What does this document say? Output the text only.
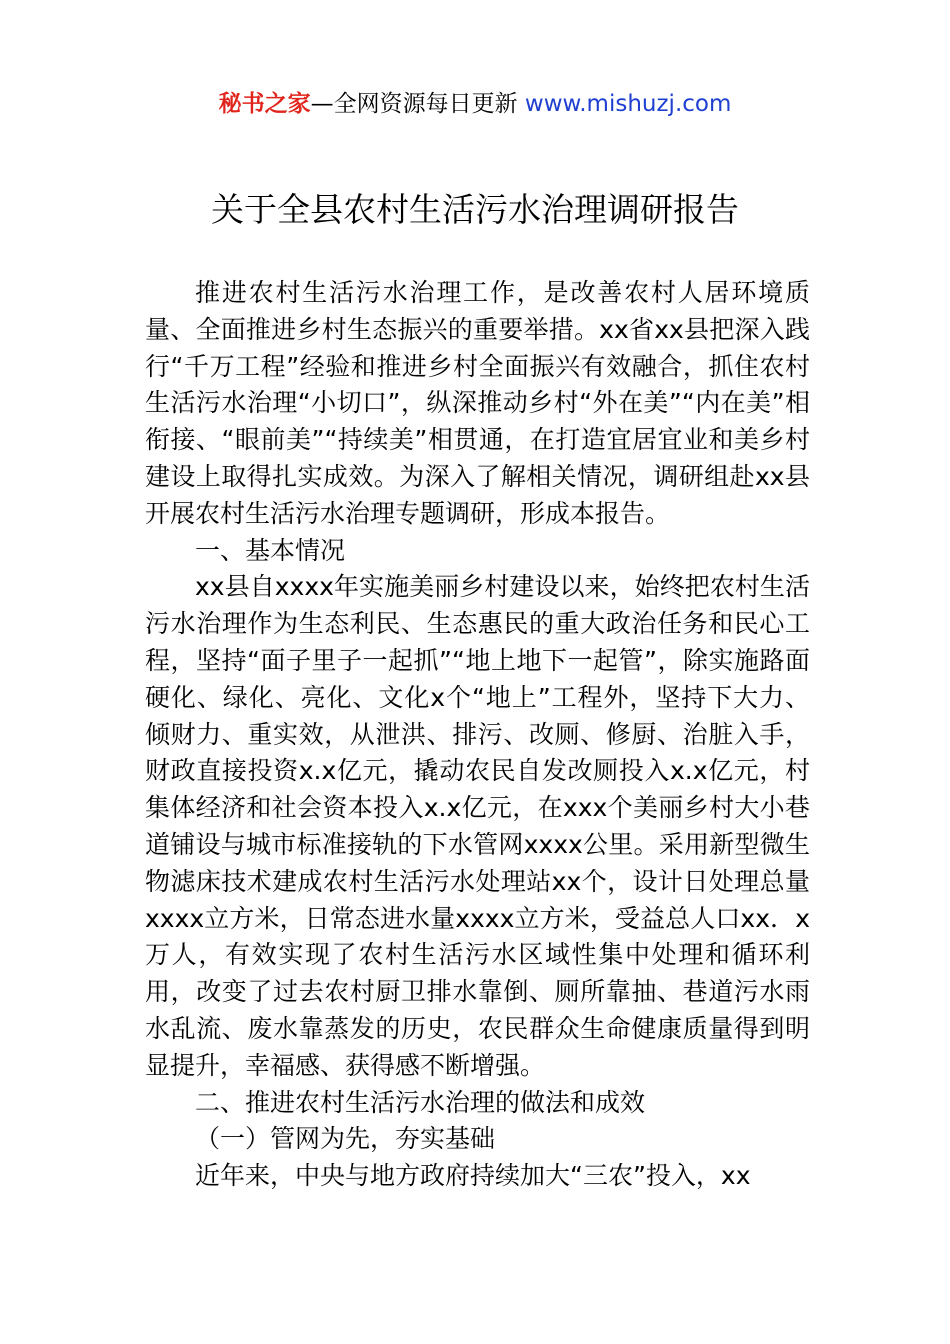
秘书之家—全网资源每日更新 www.mishuzj.com
关于全县农村生活污水治理调研报告

推进农村生活污水治理工作，是改善农村人居环境质量、全面推进乡村生态振兴的重要举措。xx省xx县把深入践行“千万工程”经验和推进乡村全面振兴有效融合，抓住农村生活污水治理“小切口”，纵深推动乡村“外在美”“内在美”相衔接、“眼前美”“持续美”相贯通，在打造宜居宜业和美乡村建设上取得扎实成效。为深入了解相关情况，调研组赴xx县开展农村生活污水治理专题调研，形成本报告。

一、基本情况

xx县自xxxx年实施美丽乡村建设以来，始终把农村生活污水治理作为生态利民、生态惠民的重大政治任务和民心工程，坚持“面子里子一起抓”“地上地下一起管”，除实施路面硬化、绿化、亮化、文化x个“地上”工程外，坚持下大力、倾财力、重实效，从泄洪、排污、改厕、修厨、治脏入手，财政直接投资x.x亿元，撬动农民自发改厕投入x.x亿元，村集体经济和社会资本投入x.x亿元，在xxx个美丽乡村大小巷道铺设与城市标准接轨的下水管网xxxx公里。采用新型微生物滤床技术建成农村生活污水处理站xx个，设计日处理总量xxxx立方米，日常态进水量xxxx立方米，受益总人口xx．x万人，有效实现了农村生活污水区域性集中处理和循环利用，改变了过去农村厨卫排水靠倒、厕所靠抽、巷道污水雨水乱流、废水靠蒸发的历史，农民群众生命健康质量得到明显提升，幸福感、获得感不断增强。

二、推进农村生活污水治理的做法和成效

（一）管网为先，夯实基础

近年来，中央与地方政府持续加大“三农”投入，xx
